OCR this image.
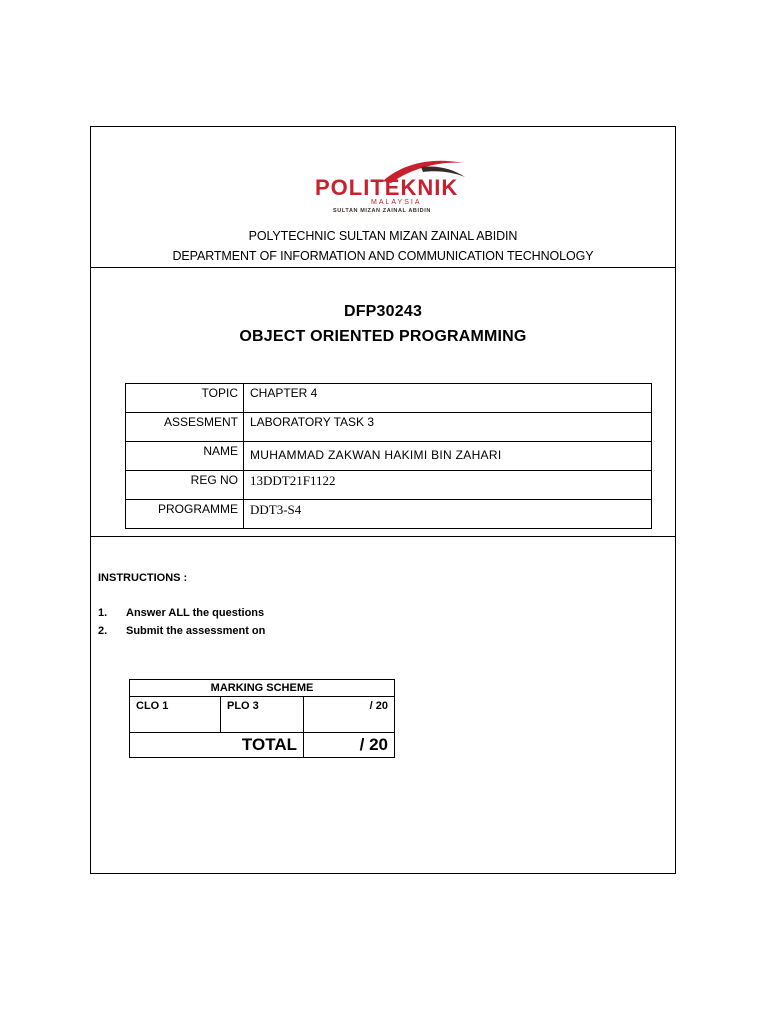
POLITEKNIK
MALAYSIA
SULTAN MIZAN ZAINAL ABIDIN
POLYTECHNIC SULTAN MIZAN ZAINAL ABIDIN
DEPARTMENT OF INFORMATION AND COMMUNICATION TECHNOLOGY
DFP30243
OBJECT ORIENTED PROGRAMMING
TOPIC	CHAPTER 4
ASSESMENT	LABORATORY TASK 3
NAME	MUHAMMAD ZAKWAN HAKIMI BIN ZAHARI
REG NO	13DDT21F1122
PROGRAMME	DDT3-S4
INSTRUCTIONS :
1.	Answer ALL the questions
2.	Submit the assessment on
MARKING SCHEME		
CLO 1	PLO 3	/ 20
TOTAL		/ 20
